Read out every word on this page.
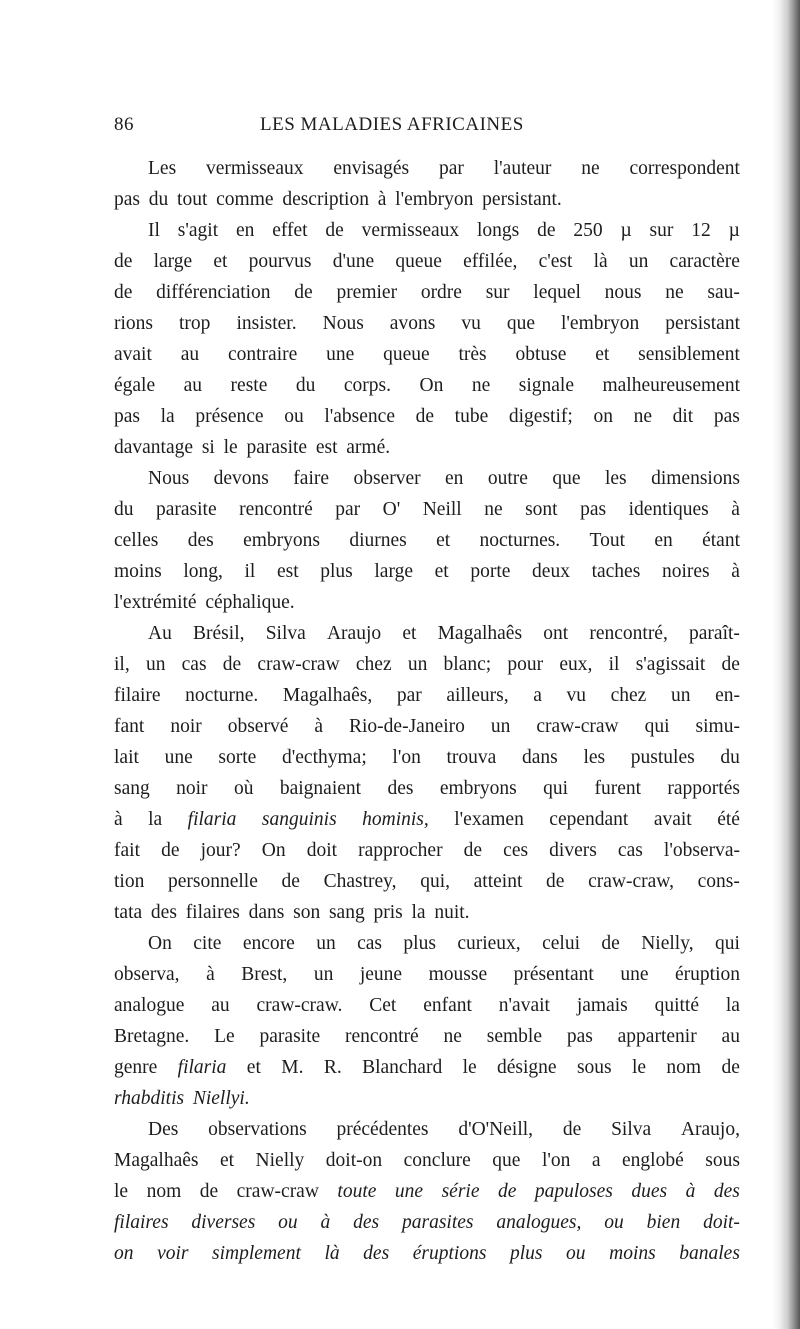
86	LES MALADIES AFRICAINES
Les vermisseaux envisagés par l'auteur ne correspondent
pas du tout comme description à l'embryon persistant.
Il s'agit en effet de vermisseaux longs de 250 µ sur 12 µ
de large et pourvus d'une queue effilée, c'est là un caractère
de différenciation de premier ordre sur lequel nous ne sau-
rions trop insister. Nous avons vu que l'embryon persistant
avait au contraire une queue très obtuse et sensiblement
égale au reste du corps. On ne signale malheureusement
pas la présence ou l'absence de tube digestif; on ne dit pas
davantage si le parasite est armé.
Nous devons faire observer en outre que les dimensions
du parasite rencontré par O' Neill ne sont pas identiques à
celles des embryons diurnes et nocturnes. Tout en étant
moins long, il est plus large et porte deux taches noires à
l'extrémité céphalique.
Au Brésil, Silva Araujo et Magalhaês ont rencontré, paraît-
il, un cas de craw-craw chez un blanc; pour eux, il s'agissait de
filaire nocturne. Magalhaês, par ailleurs, a vu chez un en-
fant noir observé à Rio-de-Janeiro un craw-craw qui simu-
lait une sorte d'ecthyma; l'on trouva dans les pustules du
sang noir où baignaient des embryons qui furent rapportés
à la filaria sanguinis hominis, l'examen cependant avait été
fait de jour? On doit rapprocher de ces divers cas l'observa-
tion personnelle de Chastrey, qui, atteint de craw-craw, cons-
tata des filaires dans son sang pris la nuit.
On cite encore un cas plus curieux, celui de Nielly, qui
observa, à Brest, un jeune mousse présentant une éruption
analogue au craw-craw. Cet enfant n'avait jamais quitté la
Bretagne. Le parasite rencontré ne semble pas appartenir au
genre filaria et M. R. Blanchard le désigne sous le nom de
rhabditis Niellyi.
Des observations précédentes d'O'Neill, de Silva Araujo,
Magalhaês et Nielly doit-on conclure que l'on a englobé sous
le nom de craw-craw toute une série de papuloses dues à des
filaires diverses ou à des parasites analogues, ou bien doit-
on voir simplement là des éruptions plus ou moins banales
